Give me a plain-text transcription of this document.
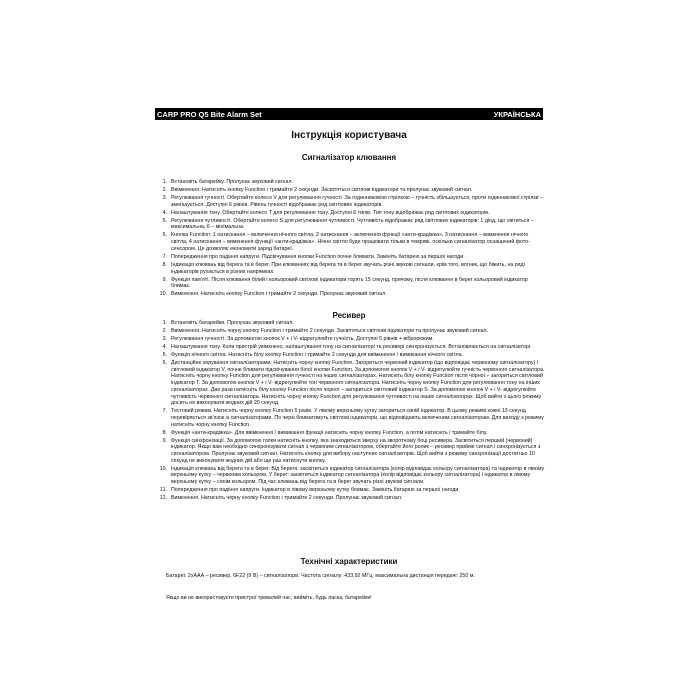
CARP PRO Q5 Bite Alarm Set	УКРАЇНСЬКА
Інструкція користувача
Сигналізатор клювання
1. Встановіть батарейку. Пролунає звуковий сигнал.
2. Ввімкнення. Натисніть кнопку Function і тримайте 2 секунди. Засвітяться світлові індикатори та пролунає звуковий сигнал.
3. Регулювання гучності. Обертайте колесо V для регулювання гучності. За годинниковою стрілкою – гучність збільшується, проти годинникової стрілки – зменшується. Доступні 6 рівнів. Рівень гучності відображає ряд світлових індикаторів.
4. Налаштування тону. Обертайте колесо T для регулювання тону. Доступні 6 типів. Тип тону відображає ряд світлових індикаторів.
5. Регулювання чутливості. Обертайте колесо S для регулювання чутливості. Чутливість відображає ряд світлових індикаторів: 1 діод, що світиться – максимальна, 6 – мінімальна.
6. Кнопка Function: 1 натискання – включення нічного світла, 2 натискання – включення функції «анти-крадіжка», 3 натискання – вимкнення нічного світла, 4 натискання – вимкнення функції «анти-крадіжка». Нічне світло буде працювати тільки в темряві, оскільки сигналізатор оснащений фото-сенсором. Це дозволяє економити заряд батареї.
7. Попередження про падіння напруги. Підсвічування кнопки Function почне блимати. Замініть батарею за першої нагоди.
8. Індикація клювань від берега та в берег. При клюваннях від берега та в берег звучать різні звукові сигнали, крім того, вогник, що біжить, на ряді індикаторів рухається в різних напрямках.
9. Функція пам'яті. Після клювання білий і кольоровий світлові індикатори горять 15 секунд, причому, після клювання в берег кольоровий індикатор блимає.
10. Вимкнення. Натисніть кнопку Function і тримайте 2 секунди. Пролунає звуковий сигнал.
Ресивер
1. Встановіть батарейки. Пролунає звуковий сигнал.
2. Ввімкнення. Натисніть чорну кнопку Function і тримайте 2 секунди. Засвітяться світлові індикатори та пролунає звуковий сигнал.
3. Регулювання гучності. За допомогою кнопок V + і V- відрегулюйте гучність. Доступні 5 рівнів + віброрежим.
4. Налаштування тону. Коли пристрій увімкнено, налаштування тону на сигналізаторі та ресивері синхронізується. Встановлюється на сигналізаторі.
5. Функція нічного світла. Натисніть білу кнопку Function і тримайте 2 секунди для ввімкнення / вимикання нічного світла.
6. Дистанційне керування сигналізаторами. Натисніть чорну кнопку Function. Загориться червоний індикатор (що відповідає червоному сигналізатору) і світловий індикатор V, почне блимати підсвічування білої кнопки Function. За допомогою кнопок V + і V- відрегулюйте гучність червоного сигналізатора. Натисніть чорну кнопку Function для регулювання гучності на інших сигналізаторах. Натисніть білу кнопку Function після чорної – загориться світловий індикатор T. За допомогою кнопок V + і V- відрегулюйте тон червоного сигналізатора. Натисніть чорну кнопку Function для регулювання тону на інших сигналізаторах. Два рази натисніть білу кнопку Function після чорної – загориться світловий індикатор S. За допомогою кнопок V + і V- відрегулюйте чутливість червоного сигналізатора. Натисніть чорну кнопку Function для регулювання чутливості на інших сигналізаторах. Щоб вийти з цього режиму досить не виконувати жодних дій 20 секунд.
7. Тестовий режим. Натисніть чорну кнопку Function 5 разів. У лівому верхньому кутку загориться синій індикатор. В цьому режимі кожні 13 секунд перевіряється зв'язок із сигналізаторами. По черзі блиматимуть світлові індикатори, що відповідають включеним сигналізаторам. Для виходу з режиму натисніть чорну кнопку Function.
8. Функція «анти-крадіжка». Для ввімкнення / вимикання функції натисніть чорну кнопку Function, а потім натисніть і тримайте білу.
9. Функція синхронізації. За допомогою голки натисніть кнопку, яка знаходиться зверху на зворотному боці ресивера. Засвітиться перший (червоний) індикатор. Якщо вам необхідно синхронізувати сигнал з червоним сигналізатором, обертайте його ролик – ресивер прийме сигнал і синхронізується з сигналізатором. Пролунає звуковий сигнал. Натисніть кнопку для вибору наступних сигналізаторів. Щоб вийти з режиму синхронізації достатньо 10 секунд не виконувати жодних дій або ще раз натиснути кнопку.
10. Індикація клювань від берега та в берег. Від берега: засвітиться індикатор сигналізатора (колір відповідає кольору сигналізатора) та індикатор в лівому верхньому кутку – червоним кольором. У берег: засвітиться індикатор сигналізатора (колір відповідає кольору сигналізатора) і індикатор в лівому верхньому кутку – синім кольором. Під час клювань від берега та в берег звучать різні звукові сигнали.
11. Попередження про падіння напруги. Індикатор в лівому верхньому кутку блимає. Замініть батарею за першої нагоди.
12. Вимкнення. Натисніть чорну кнопку Function і тримайте 2 секунди. Пролунає звуковий сигнал.
Технічні характеристики
Батареї: 2хААА – ресивер, 6F22 (9 В) – сигналізатори. Частота сигналу: 433.92 МГц; максимальна дистанція передачі: 250 м.
Якщо ви не використовуєте пристрої тривалий час, вийміть, будь ласка, батарейки!
